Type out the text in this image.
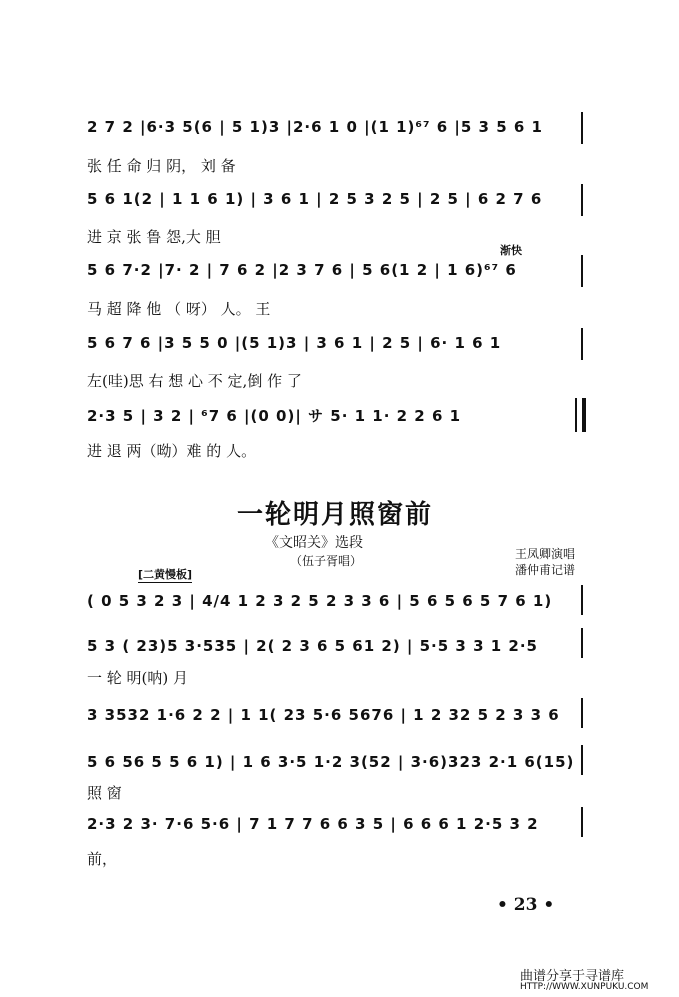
2 7 2 |6·3 5(6 | 5 1)3 |2·6 1 0 |(1 1)⁶⁷ 6 |5 3 5 6 1
张 任 命 归 阴， 刘 备
5 6 1(2 | 1 1 6 1) | 3 6 1 | 2 5 3 2 5 | 2 5 | 6 2 7 6
进 京 张 鲁 怨,大 胆
渐快
5 6 7·2 |7· 2 | 7 6 2 |2 3 7 6 | 5 6(1 2 | 1 6)⁶⁷ 6
马 超 降 他 （ 呀） 人。 王
5 6 7 6 |3 5 5 0 |(5 1)3 | 3 6 1 | 2 5 | 6· 1 6 1
左(哇)思 右 想 心 不 定,倒 作 了
2·3 5 | 3 2 | ⁶7 6 |(0 0)| サ 5· 1 1· 2 2 6 1
进 退 两（呦）难 的 人。
一轮明月照窗前
《文昭关》选段
（伍子胥唱）	王凤卿演唱
潘仲甫记谱
[二黄慢板]
( 0 5 3 2 3 | 4/4 1 2 3 2 5 2 3 3 6 | 5 6 5 6 5 7 6 1)
5 3 ( 23)5 3·535 | 2( 2 3 6 5 61 2) | 5·5 3 3 1 2·5
一 轮 明(呐) 月
3 3532 1·6 2 2 | 1 1( 23 5·6 5676 | 1 2 32 5 2 3 3 6
5 6 56 5 5 6 1) | 1 6 3·5 1·2 3(52 | 3·6)323 2·1 6(15)
照 窗
2·3 2 3· 7·6 5·6 | 7 1 7 7 6 6 3 5 | 6 6 6 1 2·5 3 2
前，
• 23 •
曲谱分享于寻谱库
HTTP://WWW.XUNPUKU.COM
